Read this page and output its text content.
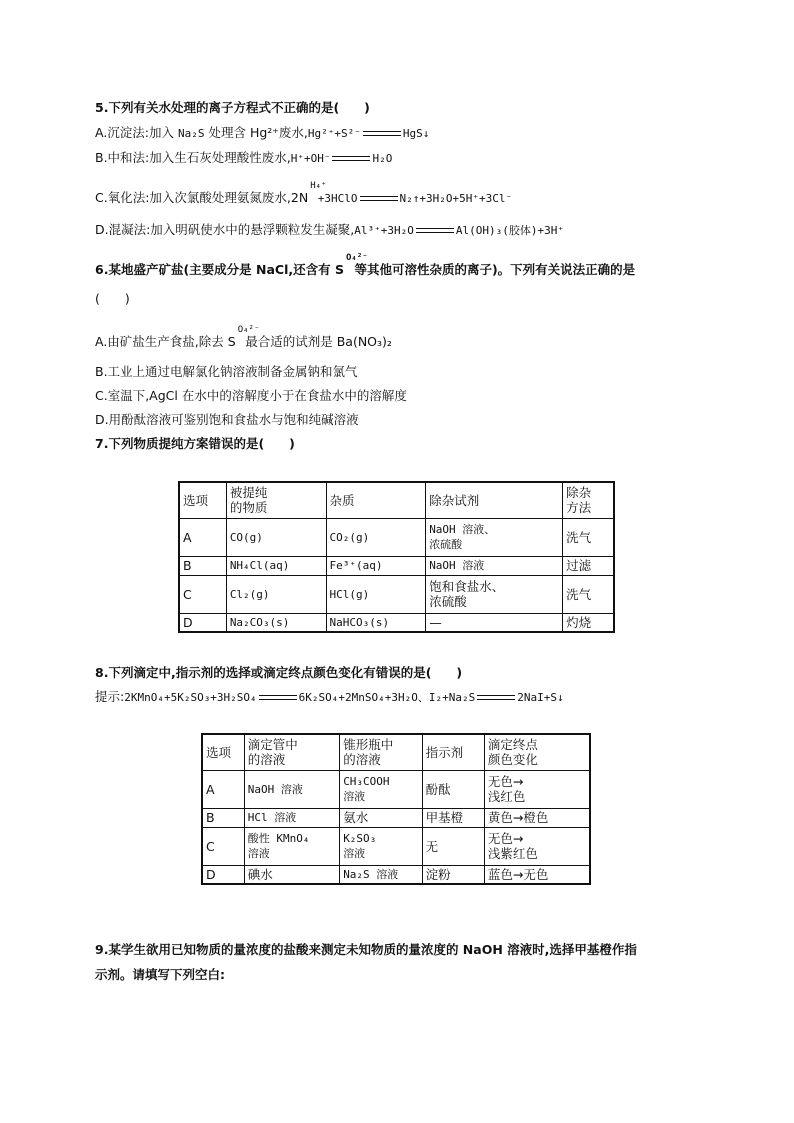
5.下列有关水处理的离子方程式不正确的是(　　)
A.沉淀法:加入 Na₂S 处理含 Hg²⁺废水,Hg²⁺+S²⁻	HgS↓
B.中和法:加入生石灰处理酸性废水,H⁺+OH⁻	H₂O
C.氧化法:加入次氯酸处理氨氮废水,2N
H₄⁺
+3HClO	N₂↑+3H₂O+5H⁺+3Cl⁻
D.混凝法:加入明矾使水中的悬浮颗粒发生凝聚,Al³⁺+3H₂O	Al(OH)₃(胶体)+3H⁺
6.某地盛产矿盐(主要成分是 NaCl,还含有 S
O₄²⁻
等其他可溶性杂质的离子)。下列有关说法正确的是
(　　)
A.由矿盐生产食盐,除去 S
O₄²⁻
最合适的试剂是 Ba(NO₃)₂
B.工业上通过电解氯化钠溶液制备金属钠和氯气
C.室温下,AgCl 在水中的溶解度小于在食盐水中的溶解度
D.用酚酞溶液可鉴别饱和食盐水与饱和纯碱溶液
7.下列物质提纯方案错误的是(　　)
选项	被提纯
的物质	杂质	除杂试剂	除杂
方法
A	CO(g)	CO₂(g)	NaOH 溶液、
浓硫酸	洗气
B	NH₄Cl(aq)	Fe³⁺(aq)	NaOH 溶液	过滤
C	Cl₂(g)	HCl(g)	饱和食盐水、
浓硫酸	洗气
D	Na₂CO₃(s)	NaHCO₃(s)	—	灼烧
8.下列滴定中,指示剂的选择或滴定终点颜色变化有错误的是(　　)
提示:2KMnO₄+5K₂SO₃+3H₂SO₄	6K₂SO₄+2MnSO₄+3H₂O、I₂+Na₂S	2NaI+S↓
选项	滴定管中
的溶液	锥形瓶中
的溶液	指示剂	滴定终点
颜色变化
A	NaOH 溶液	CH₃COOH
溶液	酚酞	无色→
浅红色
B	HCl 溶液	氨水	甲基橙	黄色→橙色
C	酸性 KMnO₄
溶液	K₂SO₃
溶液	无	无色→
浅紫红色
D	碘水	Na₂S 溶液	淀粉	蓝色→无色
9.某学生欲用已知物质的量浓度的盐酸来测定未知物质的量浓度的 NaOH 溶液时,选择甲基橙作指
示剂。请填写下列空白:
